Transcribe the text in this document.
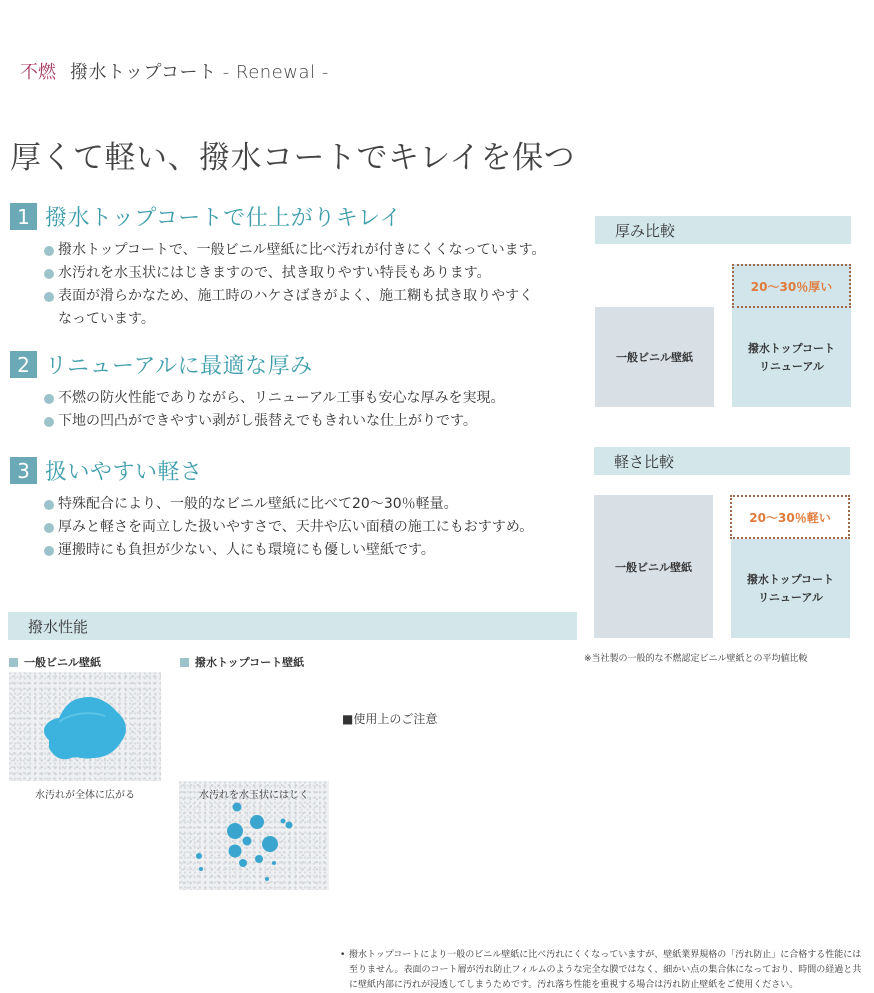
不燃 撥水トップコート - Renewal -
厚くて軽い、撥水コートでキレイを保つ
1 撥水トップコートで仕上がりキレイ
撥水トップコートで、一般ビニル壁紙に比べ汚れが付きにくくなっています。
水汚れを水玉状にはじきますので、拭き取りやすい特長もあります。
表面が滑らかなため、施工時のハケさばきがよく、施工糊も拭き取りやすく
なっています。
2 リニューアルに最適な厚み
不燃の防火性能でありながら、リニューアル工事も安心な厚みを実現。
下地の凹凸ができやすい剥がし張替えでもきれいな仕上がりです。
3 扱いやすい軽さ
特殊配合により、一般的なビニル壁紙に比べて20～30％軽量。
厚みと軽さを両立した扱いやすさで、天井や広い面積の施工にもおすすめ。
運搬時にも負担が少ない、人にも環境にも優しい壁紙です。
厚み比較
20～30％厚い
一般ビニル壁紙
撥水トップコート
リニューアル
軽さ比較
一般ビニル壁紙
20～30％軽い
撥水トップコート
リニューアル
※当社製の一般的な不燃認定ビニル壁紙との平均値比較
撥水性能
一般ビニル壁紙	撥水トップコート壁紙
水汚れが全体に広がる	水汚れを水玉状にはじく
■使用上のご注意
• 撥水トップコートにより一般のビニル壁紙に比べ汚れにくくなっていますが、壁紙業界規格の「汚れ防止」に合格する性能には至りません。表面のコート層が汚れ防止フィルムのような完全な膜ではなく、細かい点の集合体になっており、時間の経過と共に壁紙内部に汚れが浸透してしまうためです。汚れ落ち性能を重視する場合は汚れ防止壁紙をご使用ください。
